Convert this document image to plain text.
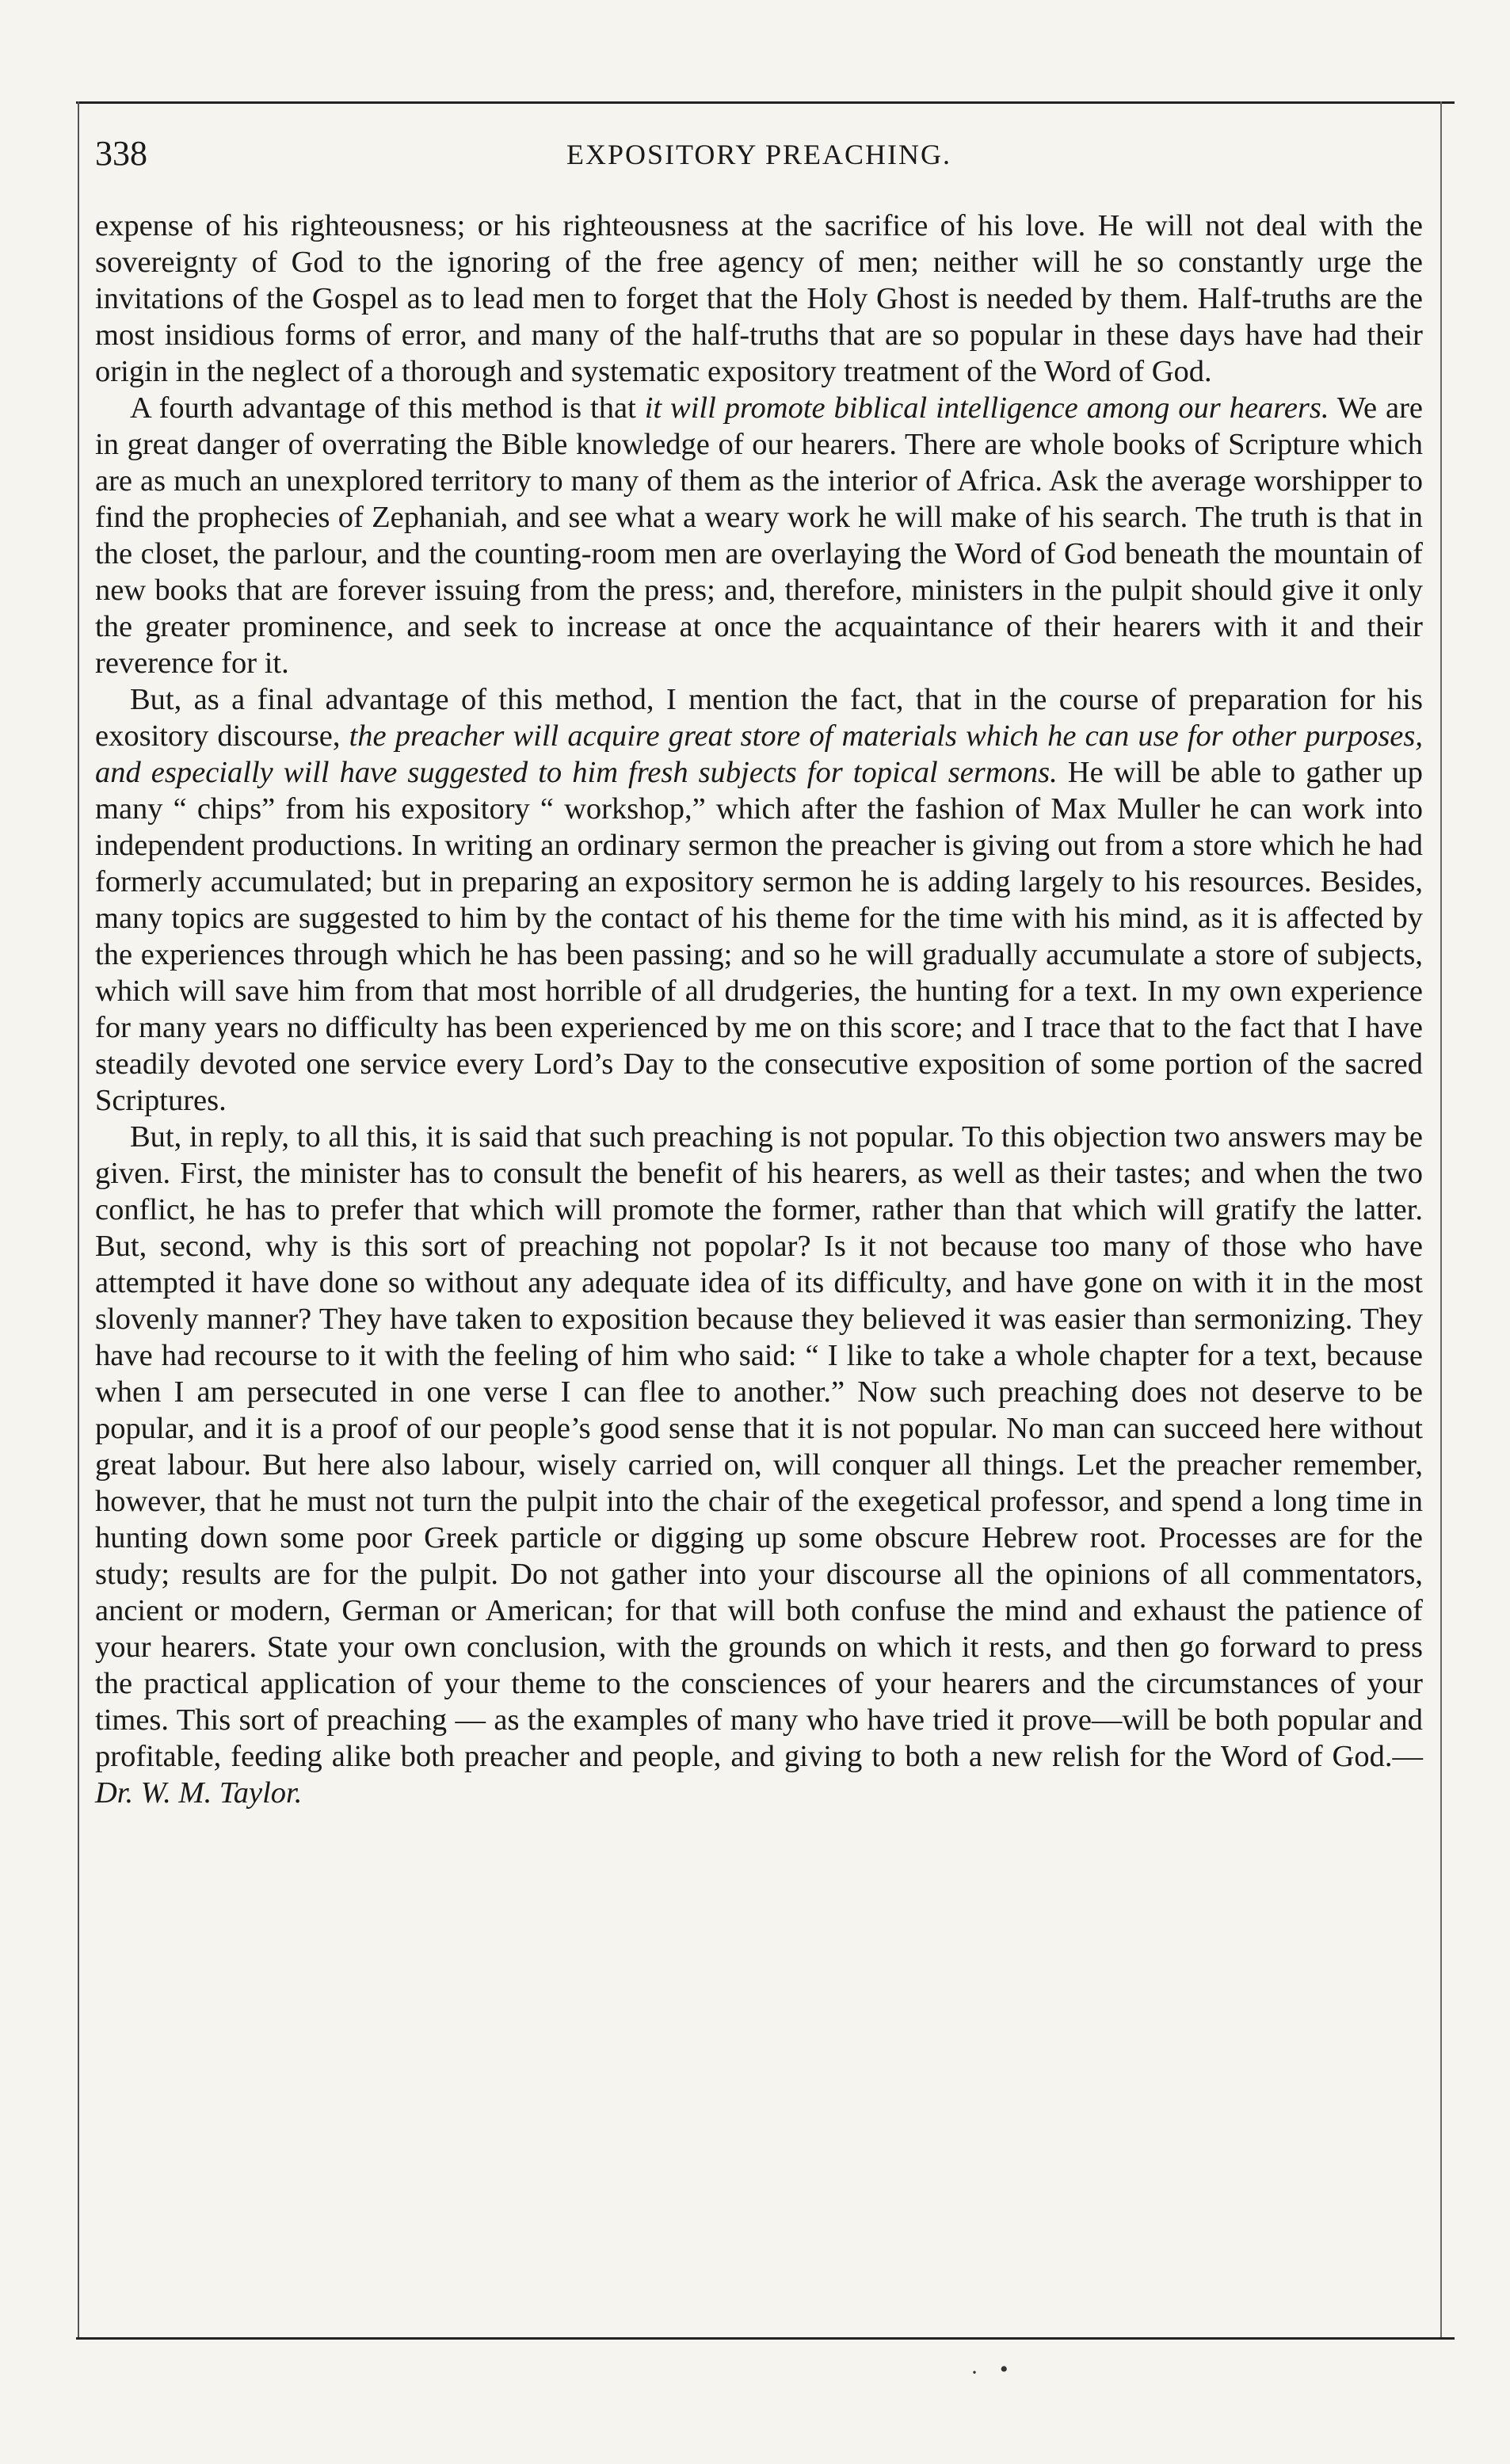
338	EXPOSITORY PREACHING.

expense of his righteousness; or his righteousness at the sacrifice of his love. He will not deal with the sovereignty of God to the ignoring of the free agency of men; neither will he so constantly urge the invitations of the Gospel as to lead men to forget that the Holy Ghost is needed by them. Half-truths are the most insidious forms of error, and many of the half-truths that are so popular in these days have had their origin in the neglect of a thorough and systematic expository treatment of the Word of God.

A fourth advantage of this method is that it will promote biblical intelligence among our hearers. We are in great danger of overrating the Bible knowledge of our hearers. There are whole books of Scripture which are as much an unexplored territory to many of them as the interior of Africa. Ask the average worshipper to find the prophecies of Zephaniah, and see what a weary work he will make of his search. The truth is that in the closet, the parlour, and the counting-room men are overlaying the Word of God beneath the mountain of new books that are forever issuing from the press; and, therefore, ministers in the pulpit should give it only the greater prominence, and seek to increase at once the acquaintance of their hearers with it and their reverence for it.

But, as a final advantage of this method, I mention the fact, that in the course of preparation for his exository discourse, the preacher will acquire great store of materials which he can use for other purposes, and especially will have suggested to him fresh subjects for topical sermons. He will be able to gather up many “ chips” from his expository “ workshop,” which after the fashion of Max Muller he can work into independent productions. In writing an ordinary sermon the preacher is giving out from a store which he had formerly accumulated; but in preparing an expository sermon he is adding largely to his resources. Besides, many topics are suggested to him by the contact of his theme for the time with his mind, as it is affected by the experiences through which he has been passing; and so he will gradually accumulate a store of subjects, which will save him from that most horrible of all drudgeries, the hunting for a text. In my own experience for many years no difficulty has been experienced by me on this score; and I trace that to the fact that I have steadily devoted one service every Lord’s Day to the consecutive exposition of some portion of the sacred Scriptures.

But, in reply, to all this, it is said that such preaching is not popular. To this objection two answers may be given. First, the minister has to consult the benefit of his hearers, as well as their tastes; and when the two conflict, he has to prefer that which will promote the former, rather than that which will gratify the latter. But, second, why is this sort of preaching not popolar? Is it not because too many of those who have attempted it have done so without any adequate idea of its difficulty, and have gone on with it in the most slovenly manner? They have taken to exposition because they believed it was easier than sermonizing. They have had recourse to it with the feeling of him who said: “ I like to take a whole chapter for a text, because when I am persecuted in one verse I can flee to another.” Now such preaching does not deserve to be popular, and it is a proof of our people’s good sense that it is not popular. No man can succeed here without great labour. But here also labour, wisely carried on, will conquer all things. Let the preacher remember, however, that he must not turn the pulpit into the chair of the exegetical professor, and spend a long time in hunting down some poor Greek particle or digging up some obscure Hebrew root. Processes are for the study; results are for the pulpit. Do not gather into your discourse all the opinions of all commentators, ancient or modern, German or American; for that will both confuse the mind and exhaust the patience of your hearers. State your own conclusion, with the grounds on which it rests, and then go forward to press the practical application of your theme to the consciences of your hearers and the circumstances of your times. This sort of preaching — as the examples of many who have tried it prove—will be both popular and profitable, feeding alike both preacher and people, and giving to both a new relish for the Word of God.—Dr. W. M. Taylor.

· •
